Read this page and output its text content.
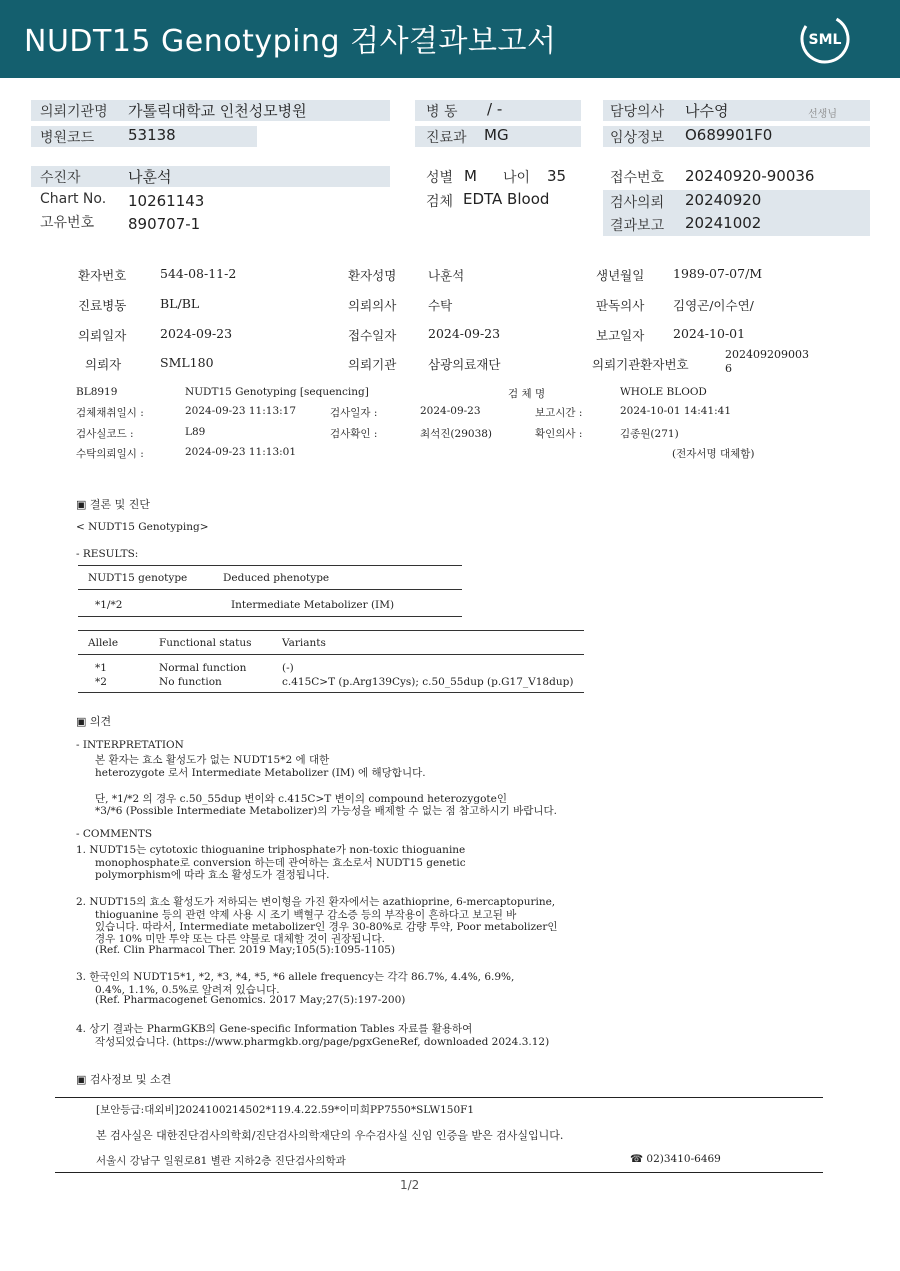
NUDT15 Genotyping 검사결과보고서	SML
의뢰기관명 가톨릭대학교 인천성모병원
병원코드 53138
수진자	나훈석
Chart No. 10261143
고유번호 890707-1
병 동 / -
진료과 MG
성별 M 나이 35
검체 EDTA Blood
담당의사 나수영	선생님
임상정보 O689901F0
접수번호 20240920-90036
검사의뢰 20240920
결과보고 20241002
환자번호	544-08-11-2	환자성명	나훈석	생년월일 1989-07-07/M
진료병동	BL/BL	의뢰의사	수탁	판독의사 김영곤/이수연/
의뢰일자	2024-09-23	접수일자	2024-09-23	보고일자 2024-10-01
의뢰자	SML180	의뢰기관	삼광의료재단	의뢰기관환자번호
202409209003
6
BL8919	NUDT15 Genotyping [sequencing]	검 체 명	WHOLE BLOOD
검체채취일시 :	2024-09-23 11:13:17	검사일자 :	2024-09-23	보고시간 :	2024-10-01 14:41:41
검사실코드 :	L89	검사확인 :	최석진(29038)	확인의사 :	김종원(271)
수탁의뢰일시 :	2024-09-23 11:13:01	(전자서명 대체함)
▣ 결론 및 진단
< NUDT15 Genotyping>
- RESULTS:
NUDT15 genotype	Deduced phenotype
*1/*2	Intermediate Metabolizer (IM)
Allele	Functional status	Variants
*1	Normal function	(-)
*2	No function	c.415C>T (p.Arg139Cys); c.50_55dup (p.G17_V18dup)
▣ 의견
- INTERPRETATION
본 환자는 효소 활성도가 없는 NUDT15*2 에 대한
heterozygote 로서 Intermediate Metabolizer (IM) 에 해당합니다.
단, *1/*2 의 경우 c.50_55dup 변이와 c.415C>T 변이의 compound heterozygote인
*3/*6 (Possible Intermediate Metabolizer)의 가능성을 배제할 수 없는 점 참고하시기 바랍니다.
- COMMENTS
1. NUDT15는 cytotoxic thioguanine triphosphate가 non-toxic thioguanine
monophosphate로 conversion 하는데 관여하는 효소로서 NUDT15 genetic
polymorphism에 따라 효소 활성도가 결정됩니다.
2. NUDT15의 효소 활성도가 저하되는 변이형을 가진 환자에서는 azathioprine, 6-mercaptopurine,
thioguanine 등의 관련 약제 사용 시 조기 백혈구 감소증 등의 부작용이 흔하다고 보고된 바
있습니다. 따라서, Intermediate metabolizer인 경우 30-80%로 감량 투약, Poor metabolizer인
경우 10% 미만 투약 또는 다른 약물로 대체할 것이 권장됩니다.
(Ref. Clin Pharmacol Ther. 2019 May;105(5):1095-1105)
3. 한국인의 NUDT15*1, *2, *3, *4, *5, *6 allele frequency는 각각 86.7%, 4.4%, 6.9%,
0.4%, 1.1%, 0.5%로 알려져 있습니다.
(Ref. Pharmacogenet Genomics. 2017 May;27(5):197-200)
4. 상기 결과는 PharmGKB의 Gene-specific Information Tables 자료를 활용하여
작성되었습니다. (https://www.pharmgkb.org/page/pgxGeneRef, downloaded 2024.3.12)
▣ 검사정보 및 소견
[보안등급:대외비]2024100214502*119.4.22.59*이미희PP7550*SLW150F1
본 검사실은 대한진단검사의학회/진단검사의학재단의 우수검사실 신임 인증을 받은 검사실입니다.
서울시 강남구 일원로81 별관 지하2층 진단검사의학과	☎ 02)3410-6469
1/2
